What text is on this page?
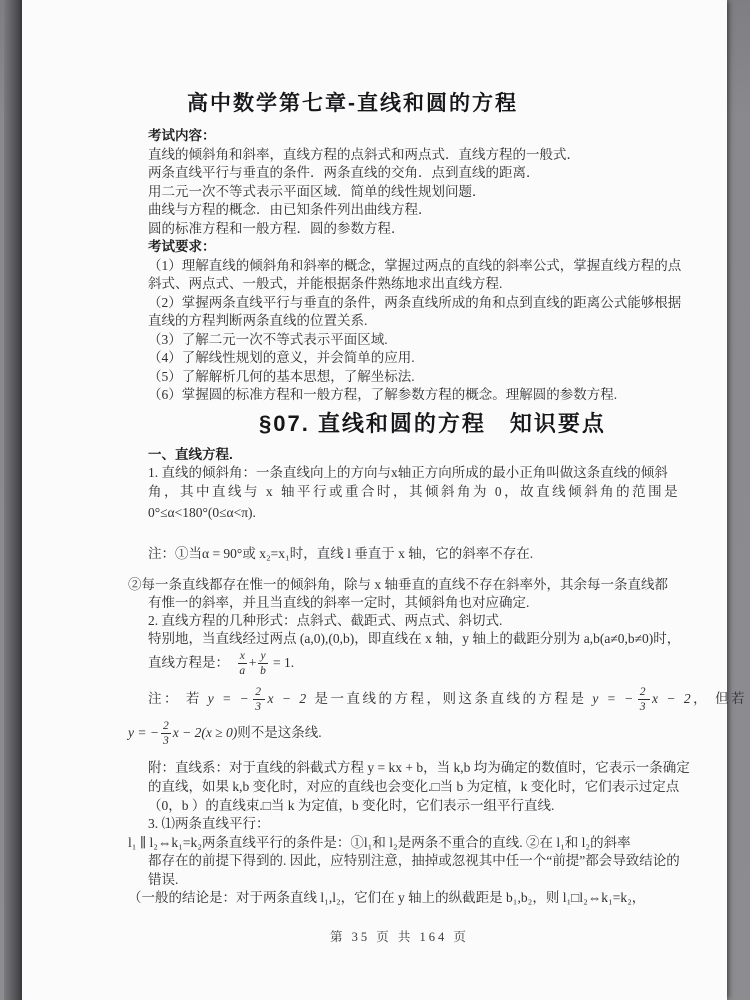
高中数学第七章-直线和圆的方程

考试内容：

直线的倾斜角和斜率，直线方程的点斜式和两点式．直线方程的一般式．

两条直线平行与垂直的条件．两条直线的交角．点到直线的距离．

用二元一次不等式表示平面区域．简单的线性规划问题．

曲线与方程的概念．由已知条件列出曲线方程．

圆的标准方程和一般方程．圆的参数方程．

考试要求：

（1）理解直线的倾斜角和斜率的概念，掌握过两点的直线的斜率公式，掌握直线方程的点

斜式、两点式、一般式，并能根据条件熟练地求出直线方程.

（2）掌握两条直线平行与垂直的条件，两条直线所成的角和点到直线的距离公式能够根据

直线的方程判断两条直线的位置关系.

（3）了解二元一次不等式表示平面区域.

（4）了解线性规划的意义，并会简单的应用.

（5）了解解析几何的基本思想，了解坐标法.

（6）掌握圆的标准方程和一般方程，了解参数方程的概念。理解圆的参数方程.

§07. 直线和圆的方程　知识要点

一、直线方程.

1. 直线的倾斜角：一条直线向上的方向与x轴正方向所成的最小正角叫做这条直线的倾斜

角，其中直线与 x 轴平行或重合时，其倾斜角为 0，故直线倾斜角的范围是

0°≤α<180°(0≤α<π).

注：①当α = 90°或 x₂=x₁时，直线 l 垂直于 x 轴，它的斜率不存在.

②每一条直线都存在惟一的倾斜角，除与 x 轴垂直的直线不存在斜率外，其余每一条直线都

有惟一的斜率，并且当直线的斜率一定时，其倾斜角也对应确定.

2. 直线方程的几种形式：点斜式、截距式、两点式、斜切式.

特别地，当直线经过两点 (a,0),(0,b)，即直线在 x 轴，y 轴上的截距分别为 a,b(a≠0,b≠0)时，

直线方程是： $\frac{x}{a} + \frac{y}{b} = 1$.

注： 若 y = − $\frac{2}{3}$ x − 2 是一直线的方程，则这条直线的方程是 y = − $\frac{2}{3}$ x − 2 ， 但若

y = − $\frac{2}{3}$ x − 2(x ≥ 0) 则不是这条线.

附：直线系：对于直线的斜截式方程 y = kx + b，当 k,b 均为确定的数值时，它表示一条确定

的直线，如果 k,b 变化时，对应的直线也会变化.□当 b 为定植，k 变化时，它们表示过定点

（0，b ）的直线束.□当 k 为定值，b 变化时，它们表示一组平行直线.

3. ⑴两条直线平行：

l₁ ∥ l₂⇔k₁=k₂两条直线平行的条件是：①l₁和 l₂是两条不重合的直线. ②在 l₁和 l₂的斜率

都存在的前提下得到的. 因此，应特别注意，抽掉或忽视其中任一个“前提”都会导致结论的

错误.

（一般的结论是：对于两条直线 l₁,l₂，它们在 y 轴上的纵截距是 b₁,b₂，则 l₁□l₂⇔k₁=k₂，

第 35 页 共 164 页
